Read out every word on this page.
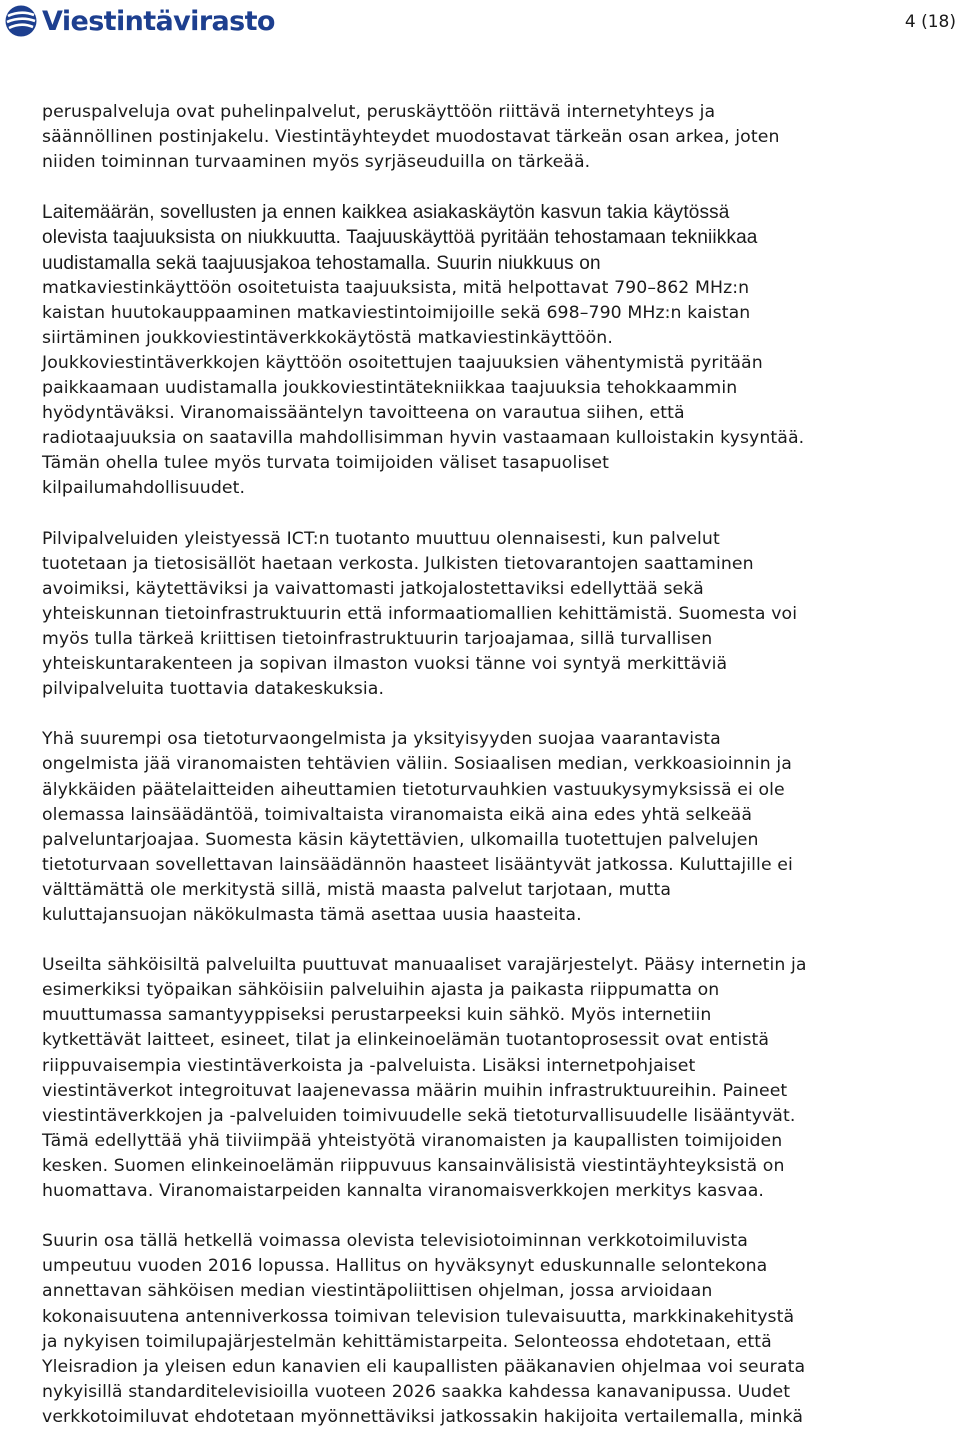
Viestintävirasto	4 (18)

peruspalveluja ovat puhelinpalvelut, peruskäyttöön riittävä internetyhteys ja
säännöllinen postinjakelu. Viestintäyhteydet muodostavat tärkeän osan arkea, joten
niiden toiminnan turvaaminen myös syrjäseuduilla on tärkeää.

Laitemäärän, sovellusten ja ennen kaikkea asiakaskäytön kasvun takia käytössä
olevista taajuuksista on niukkuutta. Taajuuskäyttöä pyritään tehostamaan tekniikkaa
uudistamalla sekä taajuusjakoa tehostamalla. Suurin niukkuus on
matkaviestinkäyttöön osoitetuista taajuuksista, mitä helpottavat 790–862 MHz:n
kaistan huutokauppaaminen matkaviestintoimijoille sekä 698–790 MHz:n kaistan
siirtäminen joukkoviestintäverkkokäytöstä matkaviestinkäyttöön.
Joukkoviestintäverkkojen käyttöön osoitettujen taajuuksien vähentymistä pyritään
paikkaamaan uudistamalla joukkoviestintätekniikkaa taajuuksia tehokkaammin
hyödyntäväksi. Viranomaissääntelyn tavoitteena on varautua siihen, että
radiotaajuuksia on saatavilla mahdollisimman hyvin vastaamaan kulloistakin kysyntää.
Tämän ohella tulee myös turvata toimijoiden väliset tasapuoliset
kilpailumahdollisuudet.

Pilvipalveluiden yleistyessä ICT:n tuotanto muuttuu olennaisesti, kun palvelut
tuotetaan ja tietosisällöt haetaan verkosta. Julkisten tietovarantojen saattaminen
avoimiksi, käytettäviksi ja vaivattomasti jatkojalostettaviksi edellyttää sekä
yhteiskunnan tietoinfrastruktuurin että informaatiomallien kehittämistä. Suomesta voi
myös tulla tärkeä kriittisen tietoinfrastruktuurin tarjoajamaa, sillä turvallisen
yhteiskuntarakenteen ja sopivan ilmaston vuoksi tänne voi syntyä merkittäviä
pilvipalveluita tuottavia datakeskuksia.

Yhä suurempi osa tietoturvaongelmista ja yksityisyyden suojaa vaarantavista
ongelmista jää viranomaisten tehtävien väliin. Sosiaalisen median, verkkoasioinnin ja
älykkäiden päätelaitteiden aiheuttamien tietoturvauhkien vastuukysymyksissä ei ole
olemassa lainsäädäntöä, toimivaltaista viranomaista eikä aina edes yhtä selkeää
palveluntarjoajaa. Suomesta käsin käytettävien, ulkomailla tuotettujen palvelujen
tietoturvaan sovellettavan lainsäädännön haasteet lisääntyvät jatkossa. Kuluttajille ei
välttämättä ole merkitystä sillä, mistä maasta palvelut tarjotaan, mutta
kuluttajansuojan näkökulmasta tämä asettaa uusia haasteita.

Useilta sähköisiltä palveluilta puuttuvat manuaaliset varajärjestelyt. Pääsy internetin ja
esimerkiksi työpaikan sähköisiin palveluihin ajasta ja paikasta riippumatta on
muuttumassa samantyyppiseksi perustarpeeksi kuin sähkö. Myös internetiin
kytkettävät laitteet, esineet, tilat ja elinkeinoelämän tuotantoprosessit ovat entistä
riippuvaisempia viestintäverkoista ja -palveluista. Lisäksi internetpohjaiset
viestintäverkot integroituvat laajenevassa määrin muihin infrastruktuureihin. Paineet
viestintäverkkojen ja -palveluiden toimivuudelle sekä tietoturvallisuudelle lisääntyvät.
Tämä edellyttää yhä tiiviimpää yhteistyötä viranomaisten ja kaupallisten toimijoiden
kesken. Suomen elinkeinoelämän riippuvuus kansainvälisistä viestintäyhteyksistä on
huomattava. Viranomaistarpeiden kannalta viranomaisverkkojen merkitys kasvaa.

Suurin osa tällä hetkellä voimassa olevista televisiotoiminnan verkkotoimiluvista
umpeutuu vuoden 2016 lopussa. Hallitus on hyväksynyt eduskunnalle selontekona
annettavan sähköisen median viestintäpoliittisen ohjelman, jossa arvioidaan
kokonaisuutena antenniverkossa toimivan television tulevaisuutta, markkinakehitystä
ja nykyisen toimilupajärjestelmän kehittämistarpeita. Selonteossa ehdotetaan, että
Yleisradion ja yleisen edun kanavien eli kaupallisten pääkanavien ohjelmaa voi seurata
nykyisillä standarditelevisioilla vuoteen 2026 saakka kahdessa kanavanipussa. Uudet
verkkotoimiluvat ehdotetaan myönnettäviksi jatkossakin hakijoita vertailemalla, minkä
